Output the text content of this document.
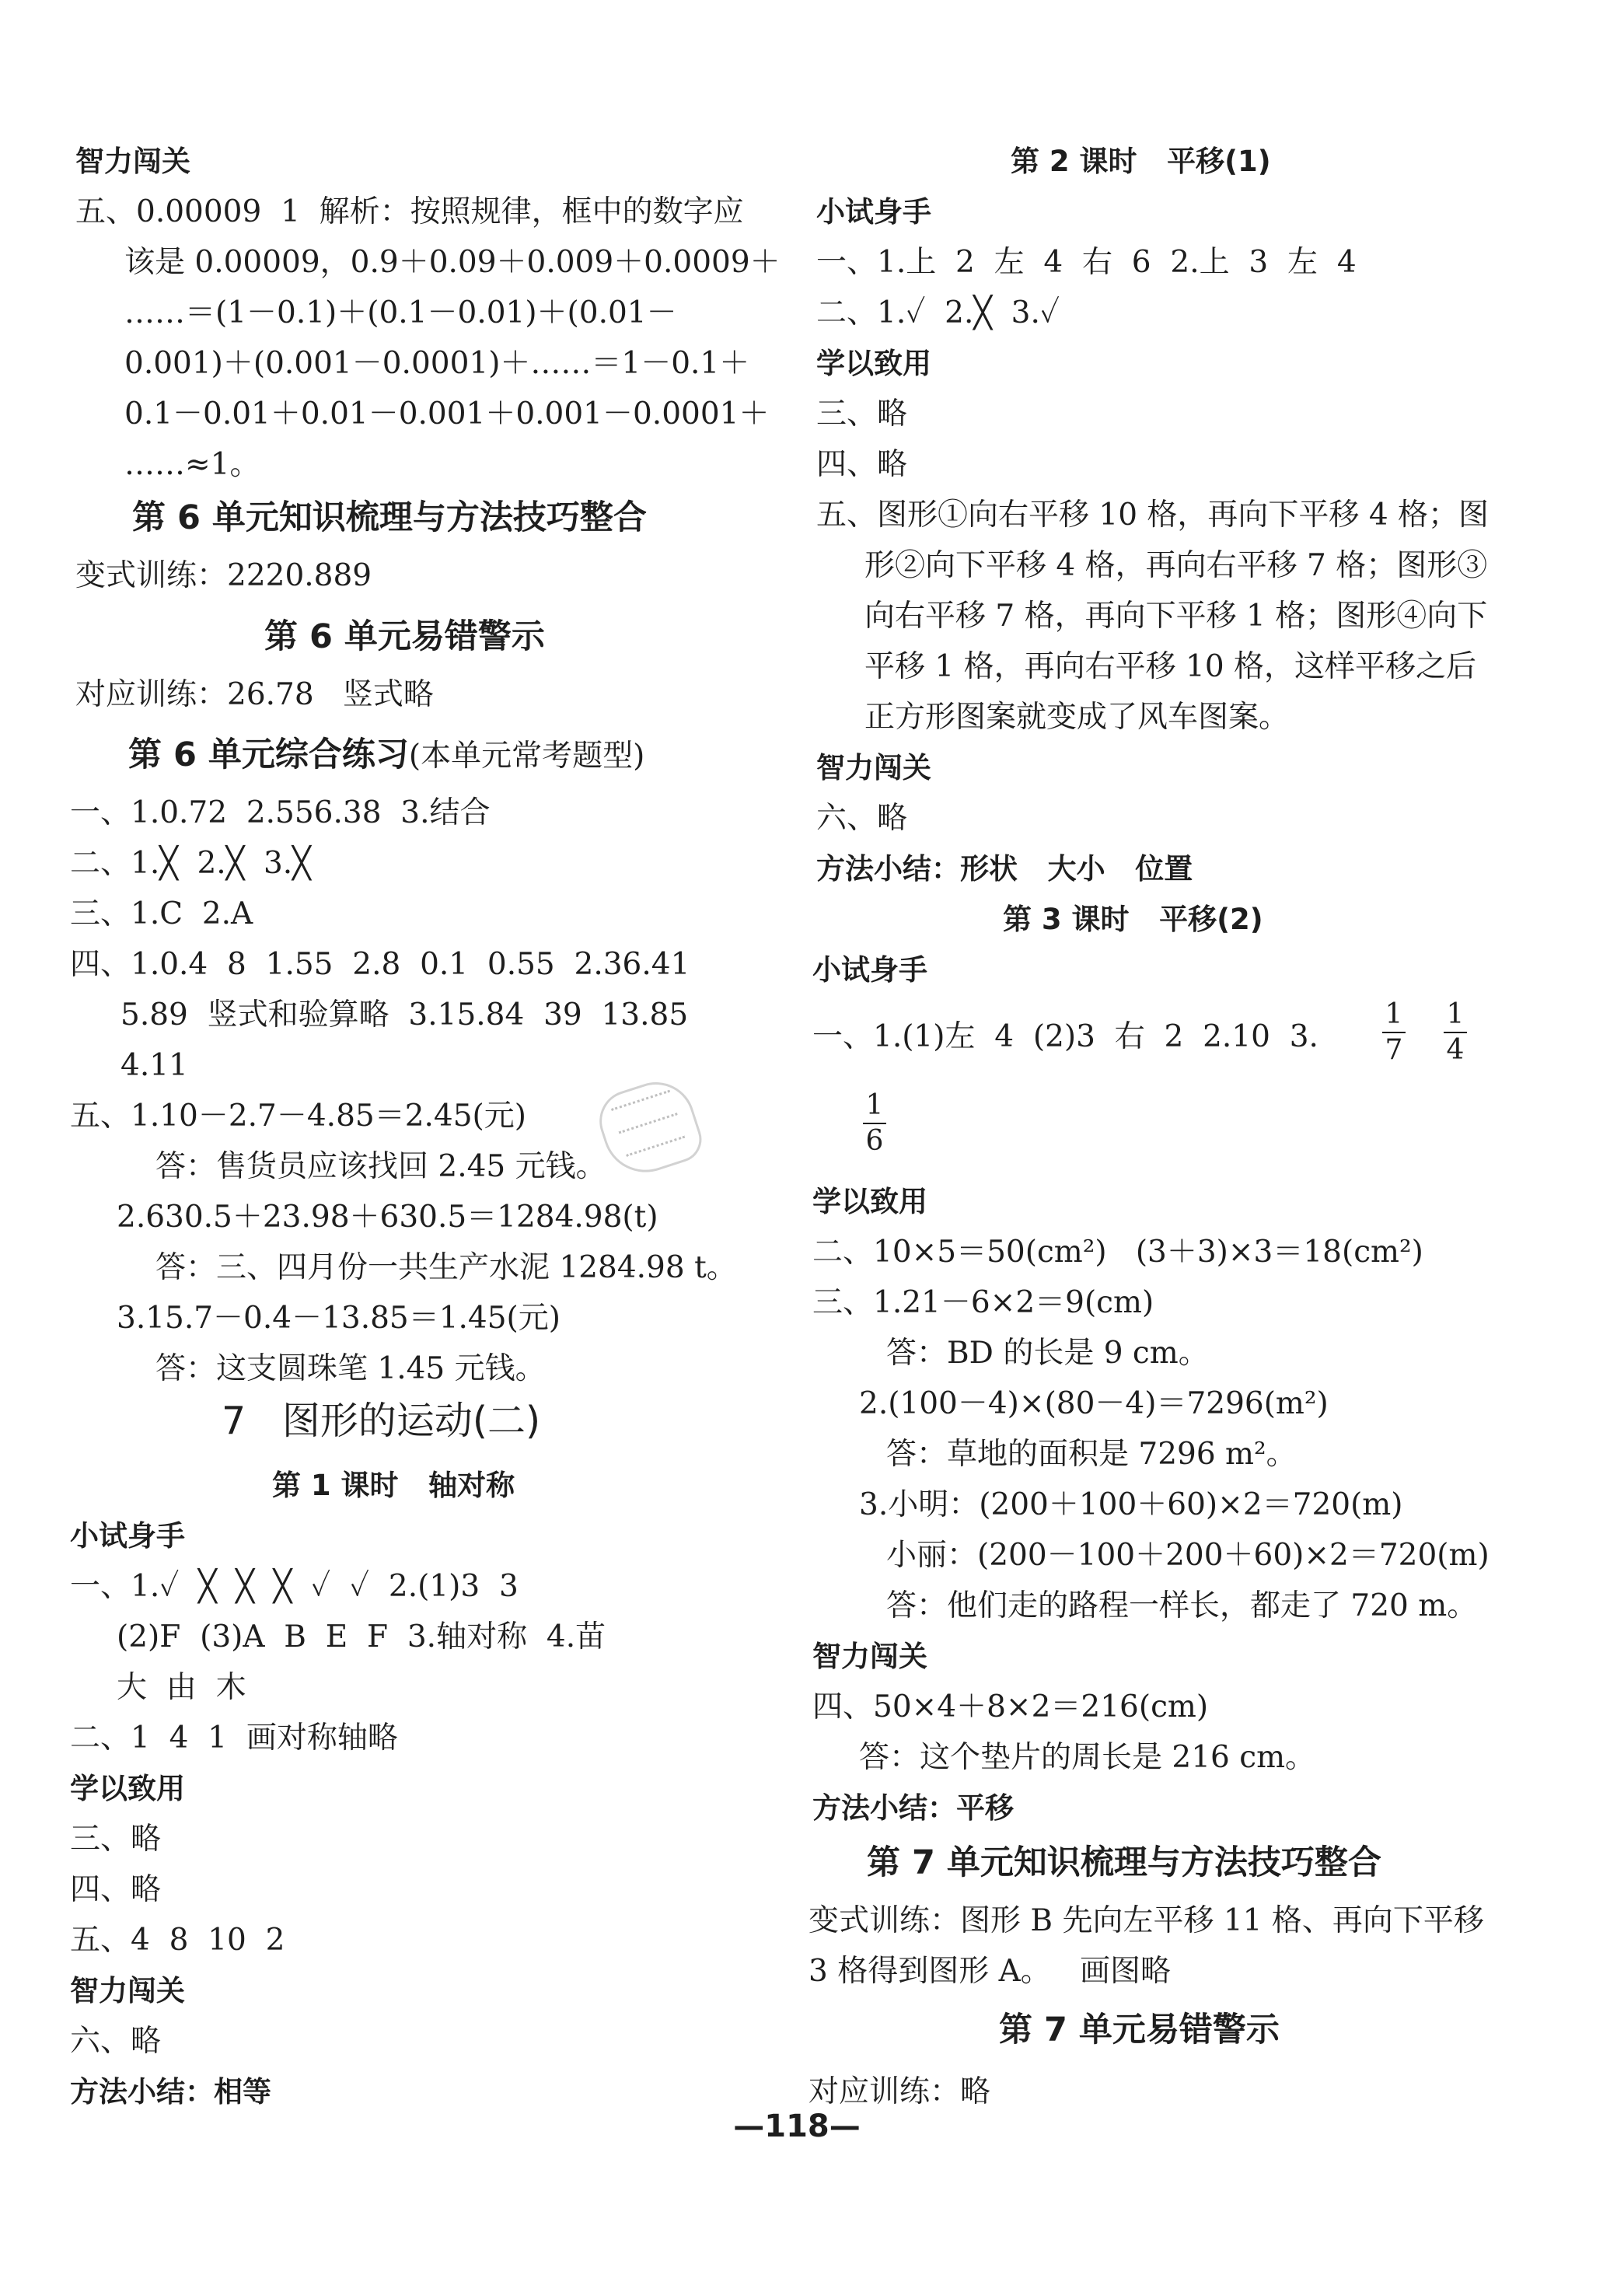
智力闯关
五、0.00009  1  解析：按照规律，框中的数字应
该是 0.00009，0.9＋0.09＋0.009＋0.0009＋
……＝(1－0.1)＋(0.1－0.01)＋(0.01－
0.001)＋(0.001－0.0001)＋……＝1－0.1＋
0.1－0.01＋0.01－0.001＋0.001－0.0001＋
……≈1。
第 6 单元知识梳理与方法技巧整合
变式训练：2220.889
第 6 单元易错警示
对应训练：26.78   竖式略
第 6 单元综合练习(本单元常考题型)
一、1.0.72  2.556.38  3.结合
二、1.╳  2.╳  3.╳
三、1.C  2.A
四、1.0.4  8  1.55  2.8  0.1  0.55  2.36.41
5.89  竖式和验算略  3.15.84  39  13.85
4.11
五、1.10－2.7－4.85＝2.45(元)
答：售货员应该找回 2.45 元钱。
2.630.5＋23.98＋630.5＝1284.98(t)
答：三、四月份一共生产水泥 1284.98 t。
3.15.7－0.4－13.85＝1.45(元)
答：这支圆珠笔 1.45 元钱。
7   图形的运动(二)
第 1 课时   轴对称
小试身手
一、1.✓  ╳  ╳  ╳  ✓  ✓  2.(1)3  3
(2)F  (3)A  B  E  F  3.轴对称  4.苗
大  由  木
二、1  4  1  画对称轴略
学以致用
三、略
四、略
五、4  8  10  2
智力闯关
六、略
方法小结：相等
第 2 课时   平移(1)
小试身手
一、1.上  2  左  4  右  6  2.上  3  左  4
二、1.✓  2.╳  3.✓
学以致用
三、略
四、略
五、图形①向右平移 10 格，再向下平移 4 格；图
形②向下平移 4 格，再向右平移 7 格；图形③
向右平移 7 格，再向下平移 1 格；图形④向下
平移 1 格，再向右平移 10 格，这样平移之后
正方形图案就变成了风车图案。
智力闯关
六、略
方法小结：形状   大小   位置
第 3 课时   平移(2)
小试身手
一、1.(1)左  4  (2)3  右  2  2.10  3.
1
7
1
4
1
6
学以致用
二、10×5＝50(cm²)   (3＋3)×3＝18(cm²)
三、1.21－6×2＝9(cm)
答：BD 的长是 9 cm。
2.(100－4)×(80－4)＝7296(m²)
答：草地的面积是 7296 m²。
3.小明：(200＋100＋60)×2＝720(m)
小丽：(200－100＋200＋60)×2＝720(m)
答：他们走的路程一样长，都走了 720 m。
智力闯关
四、50×4＋8×2＝216(cm)
答：这个垫片的周长是 216 cm。
方法小结：平移
第 7 单元知识梳理与方法技巧整合
变式训练：图形 B 先向左平移 11 格、再向下平移
3 格得到图形 A。   画图略
第 7 单元易错警示
对应训练：略
—118—
